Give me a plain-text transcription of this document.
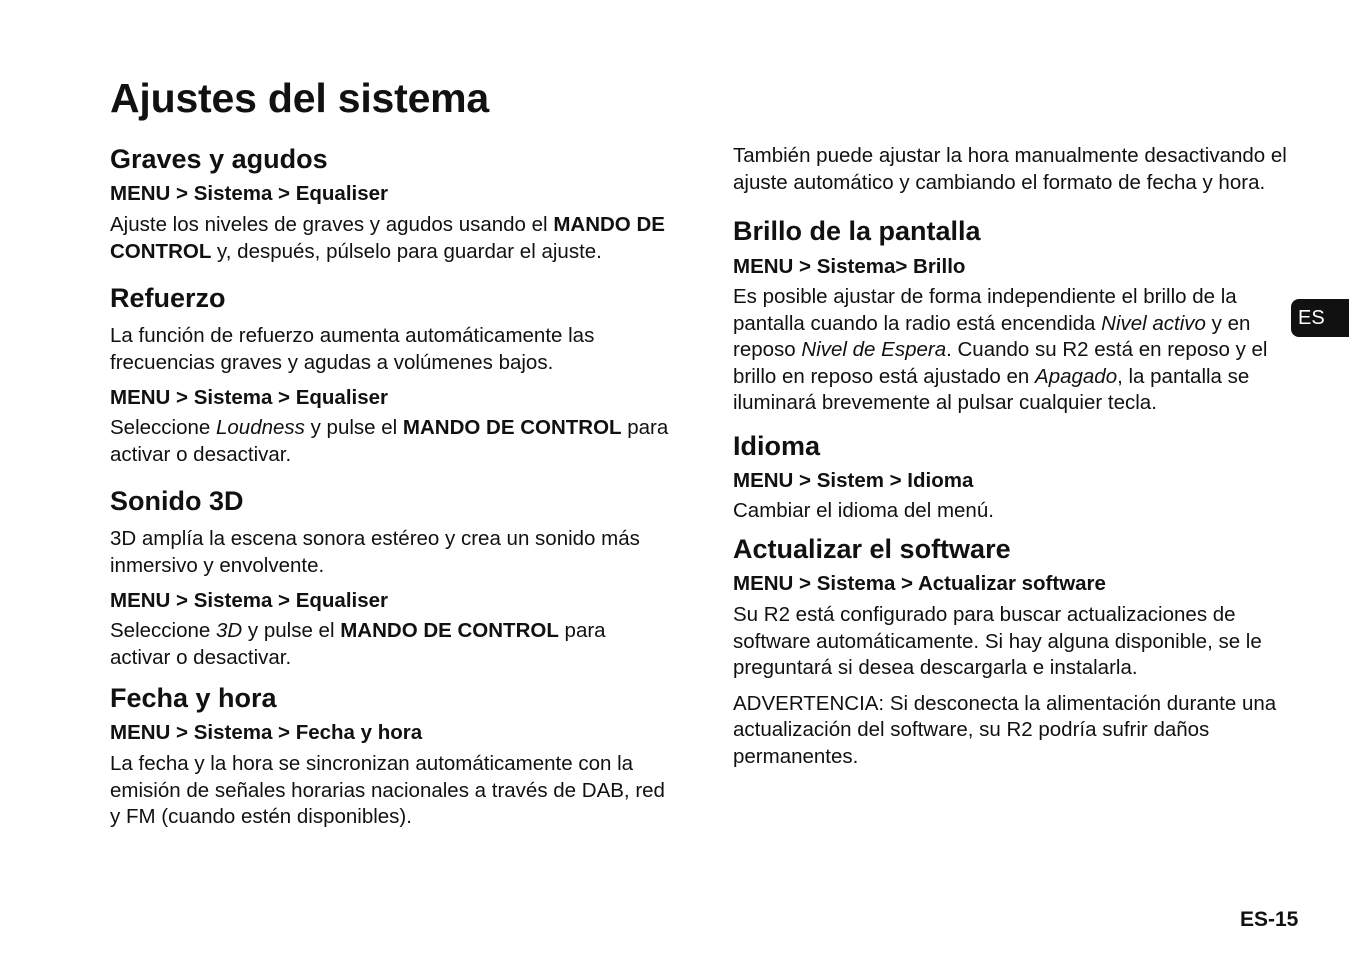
Ajustes del sistema
Graves y agudos
MENU > Sistema > Equaliser

Ajuste los niveles de graves y agudos usando el MANDO DE CONTROL y, después, púlselo para guardar el ajuste.

Refuerzo

La función de refuerzo aumenta automáticamente las frecuencias graves y agudas a volúmenes bajos.

MENU > Sistema > Equaliser

Seleccione Loudness y pulse el MANDO DE CONTROL para activar o desactivar.

Sonido 3D

3D amplía la escena sonora estéreo y crea un sonido más inmersivo y envolvente.

MENU > Sistema > Equaliser

Seleccione 3D y pulse el MANDO DE CONTROL para activar o desactivar.

Fecha y hora
MENU > Sistema > Fecha y hora

La fecha y la hora se sincronizan automáticamente con la emisión de señales horarias nacionales a través de DAB, red y FM (cuando estén disponibles).

También puede ajustar la hora manualmente desactivando el ajuste automático y cambiando el formato de fecha y hora.

Brillo de la pantalla
MENU > Sistema> Brillo

Es posible ajustar de forma independiente el brillo de la pantalla cuando la radio está encendida Nivel activo y en reposo Nivel de Espera. Cuando su R2 está en reposo y el brillo en reposo está ajustado en Apagado, la pantalla se iluminará brevemente al pulsar cualquier tecla.

Idioma
MENU > Sistem > Idioma

Cambiar el idioma del menú.

Actualizar el software
MENU > Sistema > Actualizar software

Su R2 está configurado para buscar actualizaciones de software automáticamente. Si hay alguna disponible, se le preguntará si desea descargarla e instalarla.

ADVERTENCIA: Si desconecta la alimentación durante una actualización del software, su R2 podría sufrir daños permanentes.

ES
ES-15
